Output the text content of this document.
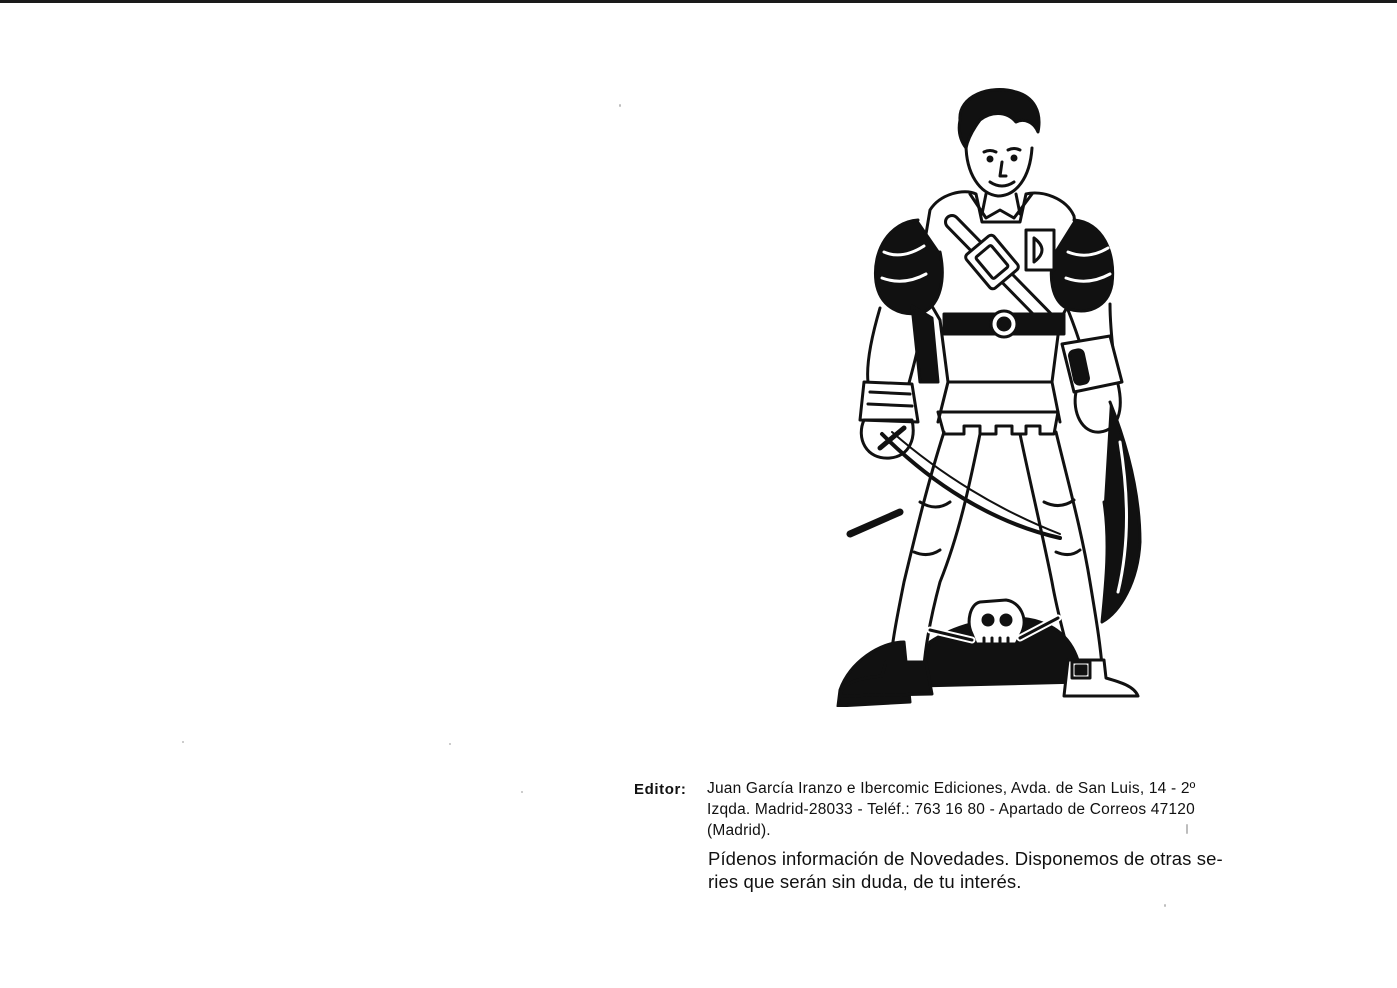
Editor:	Juan García Iranzo e Ibercomic Ediciones, Avda. de San Luis, 14 - 2º
Izqda. Madrid-28033 - Teléf.: 763 16 80 - Apartado de Correos 47120
(Madrid).
Pídenos información de Novedades. Disponemos de otras se-
ries que serán sin duda, de tu interés.
